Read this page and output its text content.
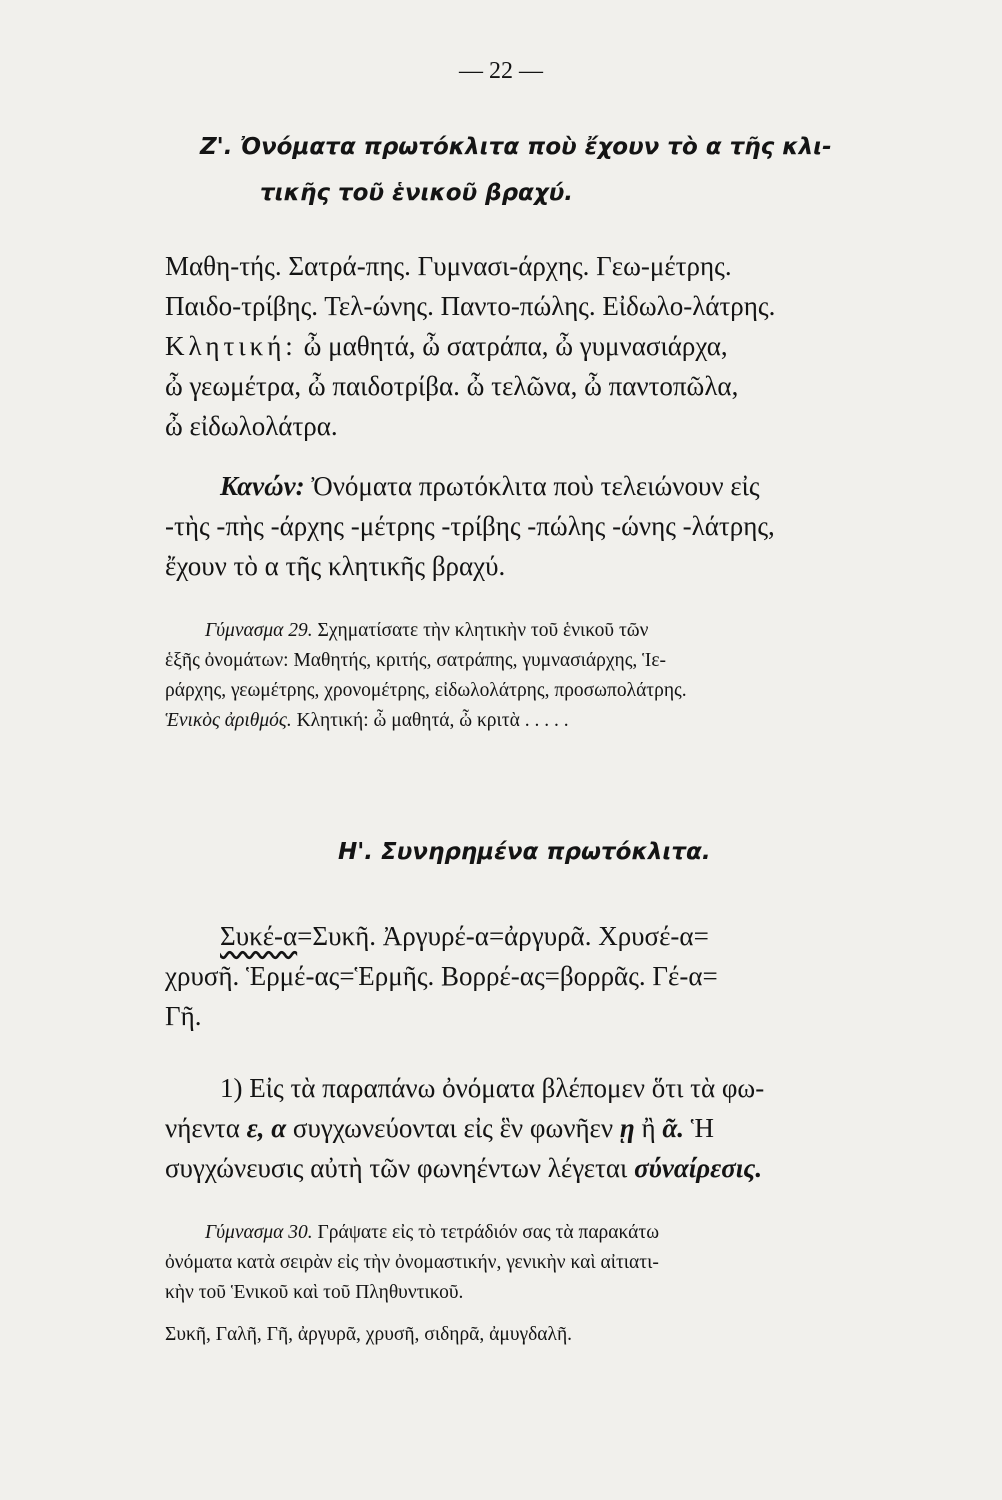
— 22 —
Ζ'. Ὀνόματα πρωτόκλιτα ποὺ ἔχουν τὸ α τῆς κλι-
τικῆς τοῦ ἑνικοῦ βραχύ.
Μαθη-τής. Σατρά-πης. Γυμνασι-άρχης. Γεω-μέτρης.
Παιδο-τρίβης. Τελ-ώνης. Παντο-πώλης. Εἰδωλο-λάτρης.
Κλητική: ὦ μαθητά, ὦ σατράπα, ὦ γυμνασιάρχα,
ὦ γεωμέτρα, ὦ παιδοτρίβα. ὦ τελῶνα, ὦ παντοπῶλα,
ὦ εἰδωλολάτρα.
Κανών: Ὀνόματα πρωτόκλιτα ποὺ τελειώνουν εἰς
-τὴς -πὴς -άρχης -μέτρης -τρίβης -πώλης -ώνης -λάτρης,
ἔχουν τὸ α τῆς κλητικῆς βραχύ.
Γύμνασμα 29. Σχηματίσατε τὴν κλητικὴν τοῦ ἑνικοῦ τῶν
ἑξῆς ὀνομάτων: Μαθητής, κριτής, σατράπης, γυμνασιάρχης, Ἱε-
ράρχης, γεωμέτρης, χρονομέτρης, εἰδωλολάτρης, προσωπολάτρης.
Ἑνικὸς ἀριθμός. Κλητική: ὦ μαθητά, ὦ κριτὰ . . . . .
Η'. Συνηρημένα πρωτόκλιτα.
Συκέ-α=Συκῆ. Ἀργυρέ-α=ἀργυρᾶ. Χρυσέ-α=
χρυσῆ. Ἑρμέ-ας=Ἑρμῆς. Βορρέ-ας=βορρᾶς. Γέ-α=
Γῆ.
1) Εἰς τὰ παραπάνω ὀνόματα βλέπομεν ὅτι τὰ φω-
νήεντα ε, α συγχωνεύονται εἰς ἓν φωνῆεν ῃ ἢ ᾶ. Ἡ
συγχώνευσις αὐτὴ τῶν φωνηέντων λέγεται σύναίρεσις.
Γύμνασμα 30. Γράψατε εἰς τὸ τετράδιόν σας τὰ παρακάτω
ὀνόματα κατὰ σειρὰν εἰς τὴν ὀνομαστικήν, γενικὴν καὶ αἰτιατι-
κὴν τοῦ Ἑνικοῦ καὶ τοῦ Πληθυντικοῦ.
Συκῆ, Γαλῆ, Γῆ, ἀργυρᾶ, χρυσῆ, σιδηρᾶ, ἀμυγδαλῆ.
